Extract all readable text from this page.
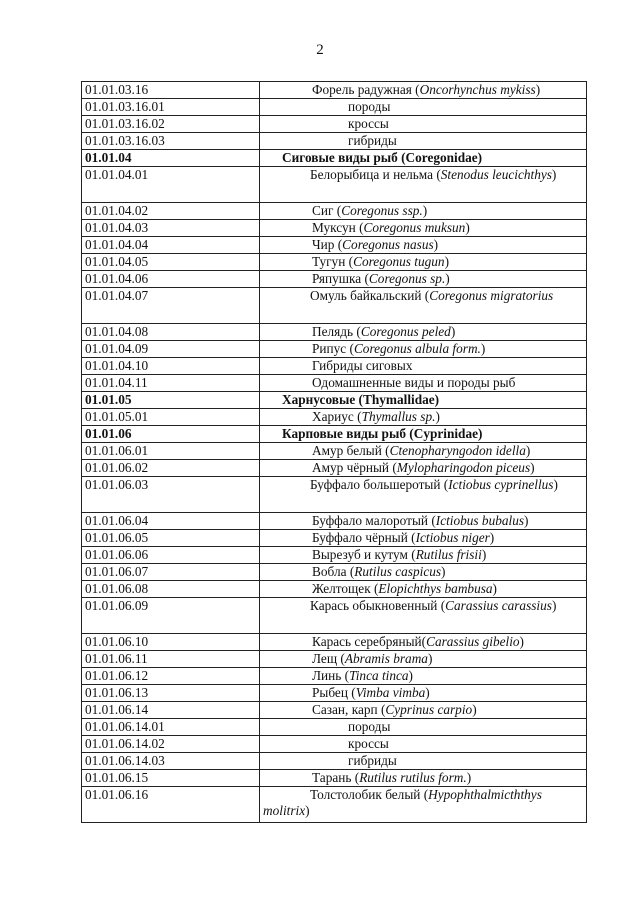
2
01.01.03.16	Форель радужная (Oncorhynchus mykiss)
01.01.03.16.01	породы
01.01.03.16.02	кроссы
01.01.03.16.03	гибриды
01.01.04	Сиговые виды рыб (Coregonidae)
01.01.04.01	Белорыбица и нельма (Stenodus leucichthys)
01.01.04.02	Сиг (Coregonus ssp.)
01.01.04.03	Муксун (Coregonus muksun)
01.01.04.04	Чир (Coregonus nasus)
01.01.04.05	Тугун (Coregonus tugun)
01.01.04.06	Ряпушка (Coregonus sp.)
01.01.04.07	Омуль байкальский (Coregonus migratorius
01.01.04.08	Пелядь (Coregonus peled)
01.01.04.09	Рипус (Coregonus albula form.)
01.01.04.10	Гибриды сиговых
01.01.04.11	Одомашненные виды и породы рыб
01.01.05	Харнусовые (Thymallidae)
01.01.05.01	Хариус (Thymallus sp.)
01.01.06	Карповые виды рыб (Cyprinidae)
01.01.06.01	Амур белый (Ctenopharyngodon idella)
01.01.06.02	Амур чёрный (Mylopharingodon piceus)
01.01.06.03	Буффало большеротый (Ictiobus cyprinellus)
01.01.06.04	Буффало малоротый (Ictiobus bubalus)
01.01.06.05	Буффало чёрный (Ictiobus niger)
01.01.06.06	Вырезуб и кутум (Rutilus frisii)
01.01.06.07	Вобла (Rutilus caspicus)
01.01.06.08	Желтощек (Elopichthys bambusa)
01.01.06.09	Карась обыкновенный (Carassius carassius)
01.01.06.10	Карась серебряный(Carassius gibelio)
01.01.06.11	Лещ (Abramis brama)
01.01.06.12	Линь (Tinca tinca)
01.01.06.13	Рыбец (Vimba vimba)
01.01.06.14	Сазан, карп (Cyprinus carpio)
01.01.06.14.01	породы
01.01.06.14.02	кроссы
01.01.06.14.03	гибриды
01.01.06.15	Тарань (Rutilus rutilus form.)
01.01.06.16	Толстолобик белый (Hypophthalmicththys molitrix)
